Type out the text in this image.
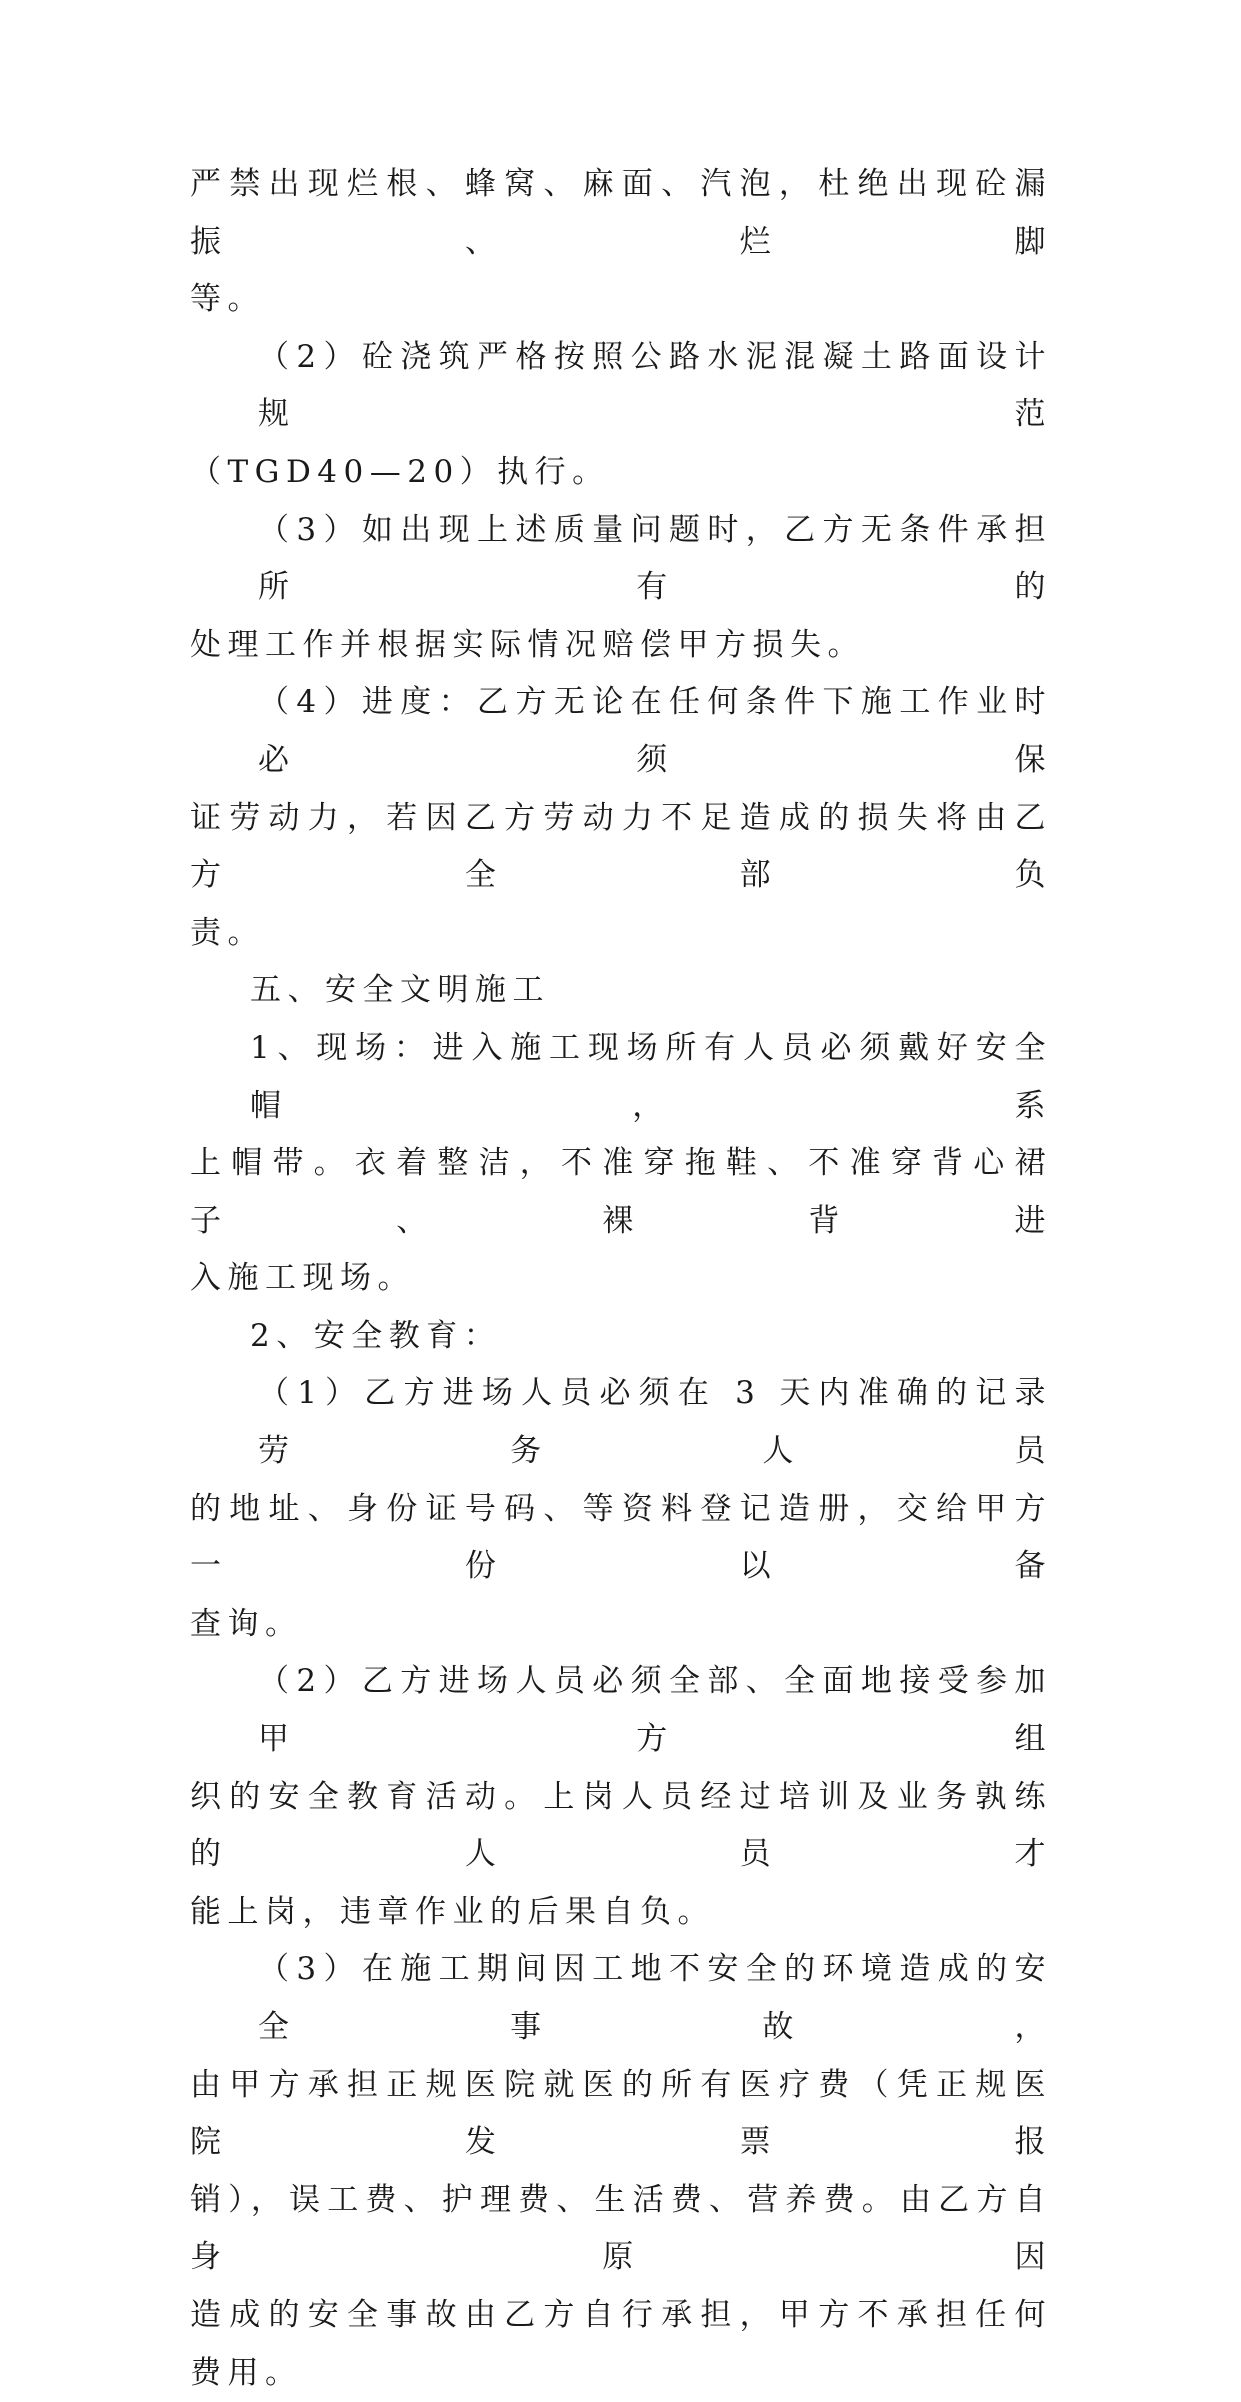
严禁出现烂根、蜂窝、麻面、汽泡，杜绝出现砼漏振、烂脚
等。

（2）砼浇筑严格按照公路水泥混凝土路面设计规范
（TGD40—20）执行。

（3）如出现上述质量问题时，乙方无条件承担所有的
处理工作并根据实际情况赔偿甲方损失。

（4）进度：乙方无论在任何条件下施工作业时必须保
证劳动力，若因乙方劳动力不足造成的损失将由乙方全部负
责。

五、安全文明施工

1、现场：进入施工现场所有人员必须戴好安全帽，系
上帽带。衣着整洁，不准穿拖鞋、不准穿背心裙子、裸背进
入施工现场。

2、安全教育：

（1）乙方进场人员必须在 3 天内准确的记录劳务人员
的地址、身份证号码、等资料登记造册，交给甲方一份以备
查询。

（2）乙方进场人员必须全部、全面地接受参加甲方组
织的安全教育活动。上岗人员经过培训及业务孰练的人员才
能上岗，违章作业的后果自负。

（3）在施工期间因工地不安全的环境造成的安全事故，
由甲方承担正规医院就医的所有医疗费（凭正规医院发票报
销），误工费、护理费、生活费、营养费。由乙方自身原因
造成的安全事故由乙方自行承担，甲方不承担任何费用。
